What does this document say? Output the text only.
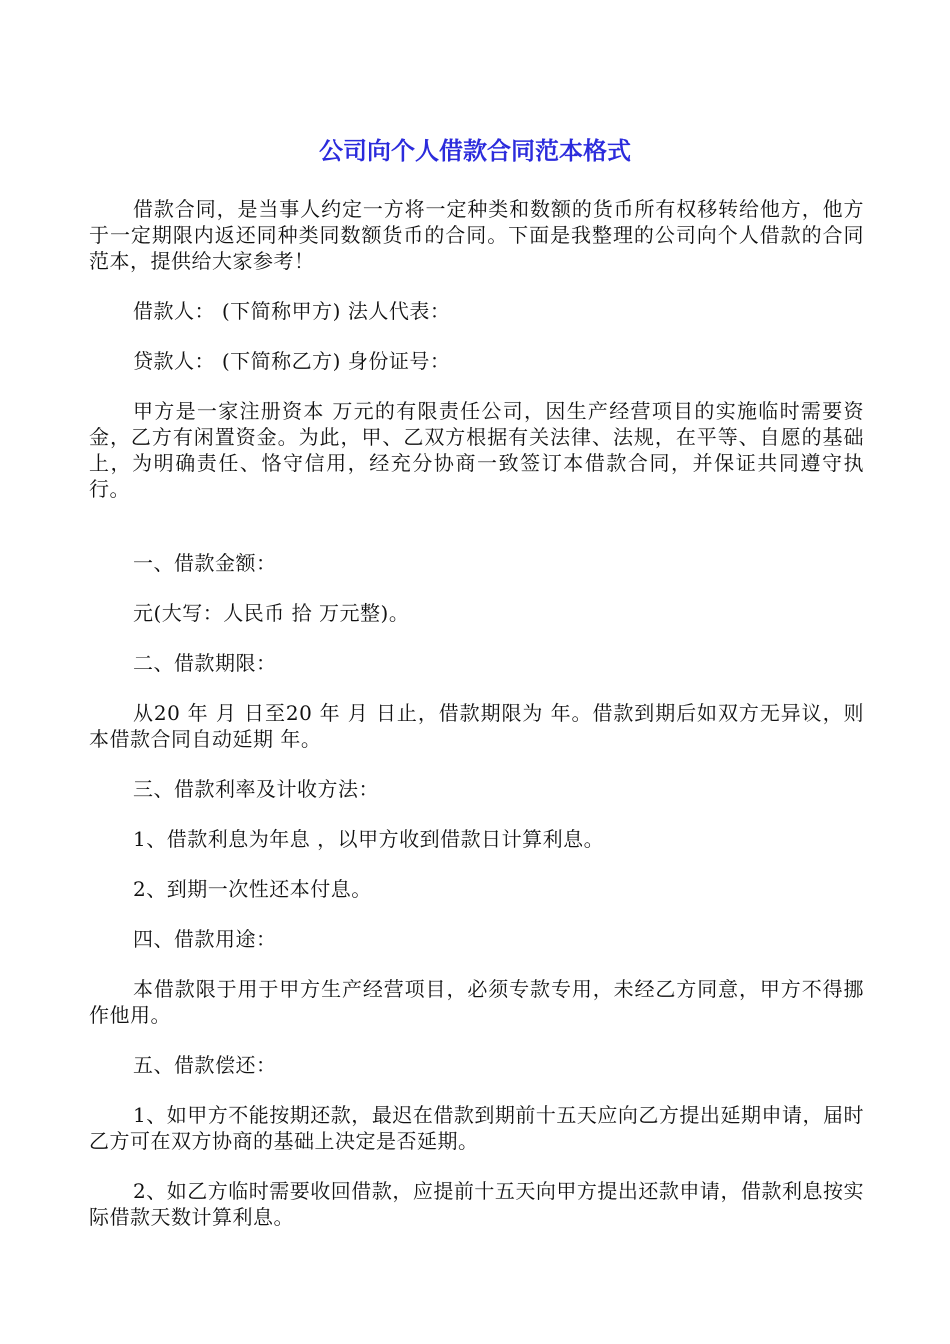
公司向个人借款合同范本格式

借款合同，是当事人约定一方将一定种类和数额的货币所有权移转给他方，他方于一定期限内返还同种类同数额货币的合同。下面是我整理的公司向个人借款的合同范本，提供给大家参考！

借款人： (下简称甲方) 法人代表：

贷款人： (下简称乙方) 身份证号：

甲方是一家注册资本 万元的有限责任公司，因生产经营项目的实施临时需要资金，乙方有闲置资金。为此，甲、乙双方根据有关法律、法规，在平等、自愿的基础上，为明确责任、恪守信用，经充分协商一致签订本借款合同，并保证共同遵守执行。

一、借款金额：

元(大写：人民币 拾 万元整)。

二、借款期限：

从20 年 月 日至20 年 月 日止，借款期限为 年。借款到期后如双方无异议，则本借款合同自动延期 年。

三、借款利率及计收方法：

1、借款利息为年息 ，以甲方收到借款日计算利息。

2、到期一次性还本付息。

四、借款用途：

本借款限于用于甲方生产经营项目，必须专款专用，未经乙方同意，甲方不得挪作他用。

五、借款偿还：

1、如甲方不能按期还款，最迟在借款到期前十五天应向乙方提出延期申请，届时乙方可在双方协商的基础上决定是否延期。

2、如乙方临时需要收回借款，应提前十五天向甲方提出还款申请，借款利息按实际借款天数计算利息。
